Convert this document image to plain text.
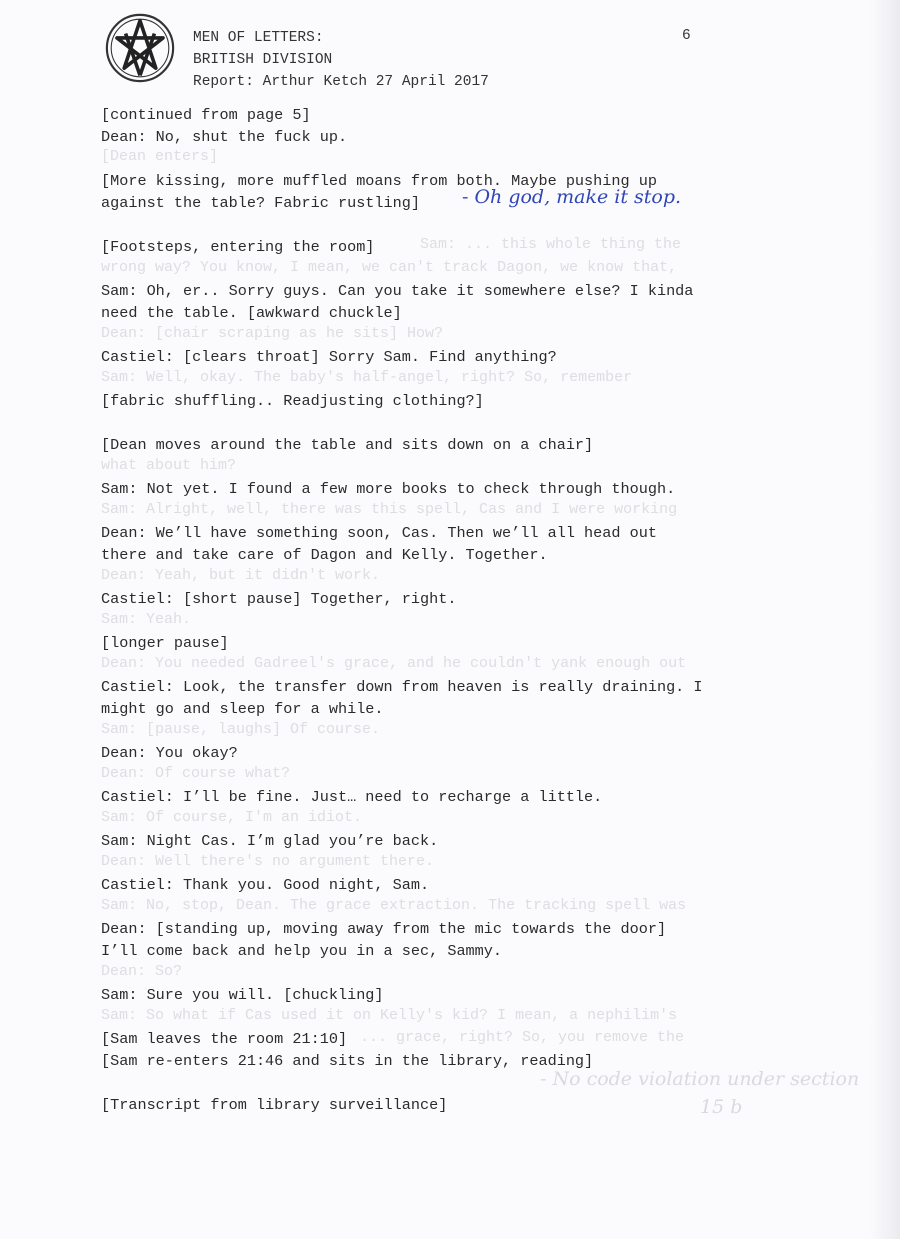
[Dean enters]
Sam: ... this whole thing the
wrong way? You know, I mean, we can't track Dagon, we know that,
Dean: [chair scraping as he sits] How?
Sam: Well, okay. The baby's half-angel, right? So, remember
what about him?
Sam: Alright, well, there was this spell, Cas and I were working
Dean: Yeah, but it didn't work.
Sam: Yeah.
Dean: You needed Gadreel's grace, and he couldn't yank enough out
Sam: [pause, laughs] Of course.
Dean: Of course what?
Sam: Of course, I'm an idiot.
Dean: Well there's no argument there.
Sam: No, stop, Dean. The grace extraction. The tracking spell was
Dean: So?
Sam: So what if Cas used it on Kelly's kid? I mean, a nephilim's
... grace, right? So, you remove the
- No code violation under section
15 b
MEN OF LETTERS:
BRITISH DIVISION
Report: Arthur Ketch 27 April 2017
6
[continued from page 5]
Dean: No, shut the fuck up.
[More kissing, more muffled moans from both. Maybe pushing up
against the table? Fabric rustling]
[Footsteps, entering the room]
Sam: Oh, er.. Sorry guys. Can you take it somewhere else? I kinda
need the table. [awkward chuckle]
Castiel: [clears throat] Sorry Sam. Find anything?
[fabric shuffling.. Readjusting clothing?]
[Dean moves around the table and sits down on a chair]
Sam: Not yet. I found a few more books to check through though.
Dean: We’ll have something soon, Cas. Then we’ll all head out
there and take care of Dagon and Kelly. Together.
Castiel: [short pause] Together, right.
[longer pause]
Castiel: Look, the transfer down from heaven is really draining. I
might go and sleep for a while.
Dean: You okay?
Castiel: I’ll be fine. Just… need to recharge a little.
Sam: Night Cas. I’m glad you’re back.
Castiel: Thank you. Good night, Sam.
Dean: [standing up, moving away from the mic towards the door]
I’ll come back and help you in a sec, Sammy.
Sam: Sure you will. [chuckling]
[Sam leaves the room 21:10]
[Sam re-enters 21:46 and sits in the library, reading]
[Transcript from library surveillance]
- Oh god, make it stop.
